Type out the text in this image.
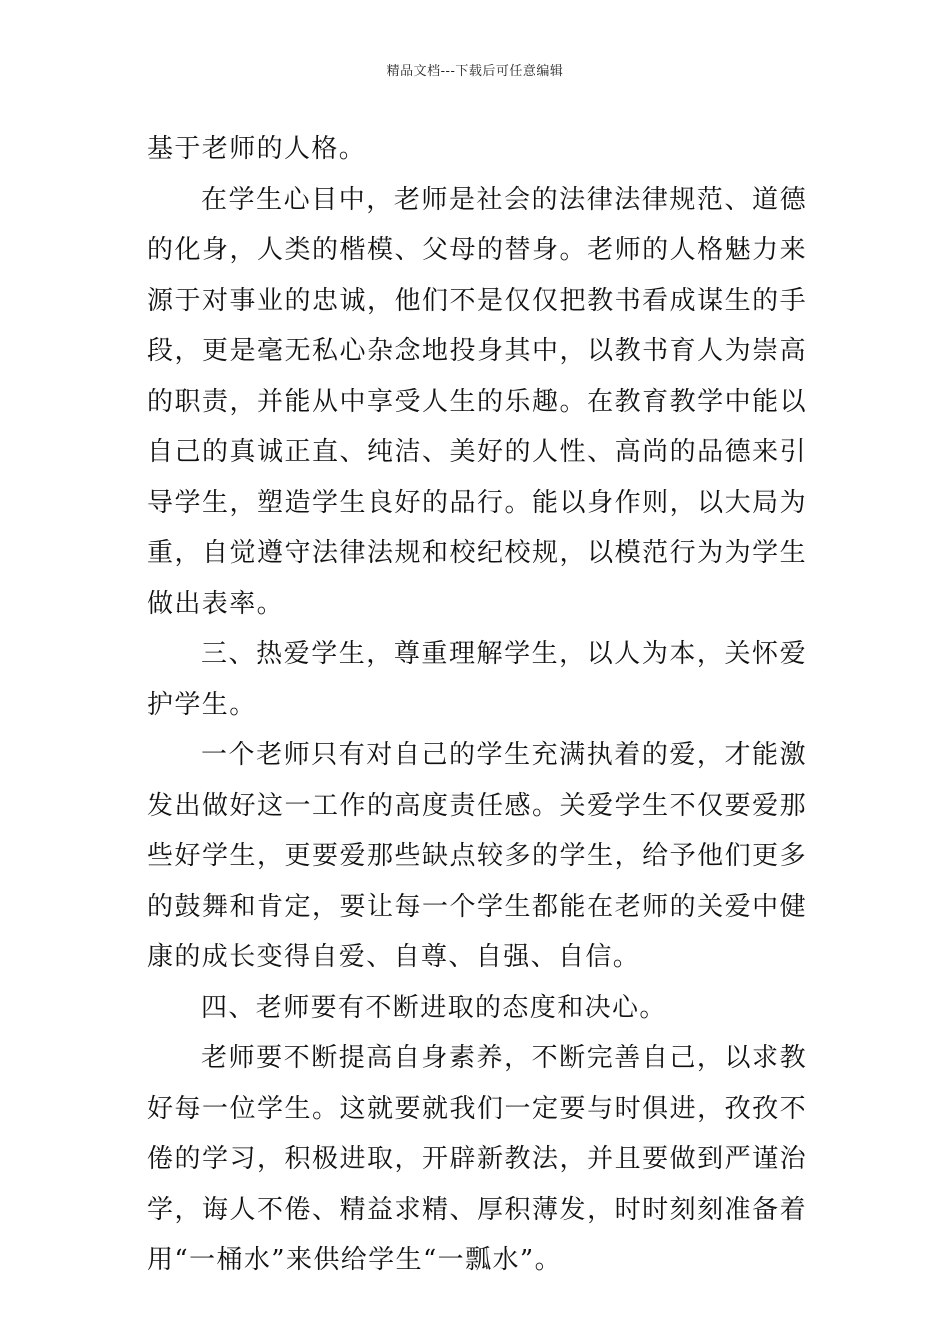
精品文档---下载后可任意编辑

基于老师的人格。

在学生心目中，老师是社会的法律法律规范、道德的化身，人类的楷模、父母的替身。老师的人格魅力来源于对事业的忠诚，他们不是仅仅把教书看成谋生的手段，更是毫无私心杂念地投身其中，以教书育人为崇高的职责，并能从中享受人生的乐趣。在教育教学中能以自己的真诚正直、纯洁、美好的人性、高尚的品德来引导学生，塑造学生良好的品行。能以身作则，以大局为重，自觉遵守法律法规和校纪校规，以模范行为为学生做出表率。

三、热爱学生，尊重理解学生，以人为本，关怀爱护学生。

一个老师只有对自己的学生充满执着的爱，才能激发出做好这一工作的高度责任感。关爱学生不仅要爱那些好学生，更要爱那些缺点较多的学生，给予他们更多的鼓舞和肯定，要让每一个学生都能在老师的关爱中健康的成长变得自爱、自尊、自强、自信。

四、老师要有不断进取的态度和决心。

老师要不断提高自身素养，不断完善自己，以求教好每一位学生。这就要就我们一定要与时俱进，孜孜不倦的学习，积极进取，开辟新教法，并且要做到严谨治学，诲人不倦、精益求精、厚积薄发，时时刻刻准备着用“一桶水”来供给学生“一瓢水”。
